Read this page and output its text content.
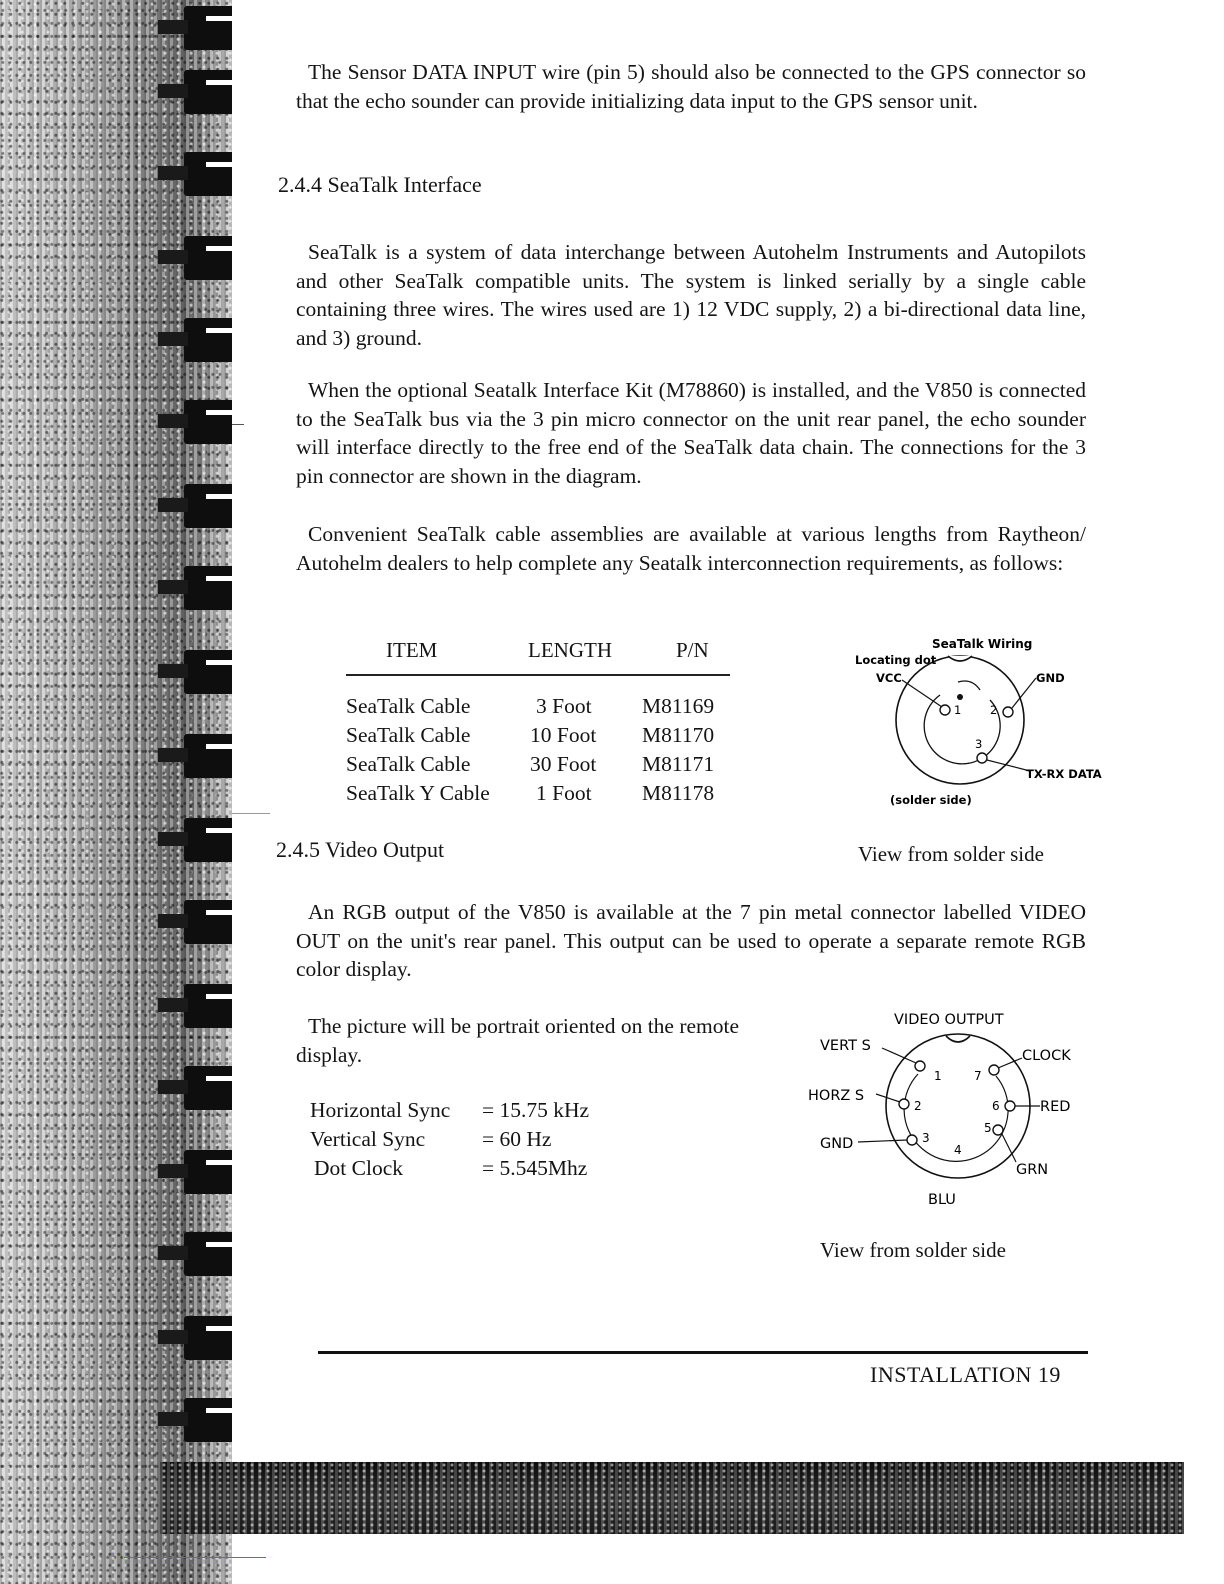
The Sensor DATA INPUT wire (pin 5) should also be connected to the GPS connector so that the echo sounder can provide initializing data input to the GPS sensor unit.
2.4.4 SeaTalk Interface
SeaTalk is a system of data interchange between Autohelm Instruments and Autopilots and other SeaTalk compatible units. The system is linked serially by a single cable containing three wires. The wires used are 1) 12 VDC supply, 2) a bi-directional data line, and 3) ground.
When the optional Seatalk Interface Kit (M78860) is installed, and the V850 is connected to the SeaTalk bus via the 3 pin micro connector on the unit rear panel, the echo sounder will interface directly to the free end of the SeaTalk data chain. The connections for the 3 pin connector are shown in the diagram.
Convenient SeaTalk cable assemblies are available at various lengths from Raytheon/ Autohelm dealers to help complete any Seatalk interconnection requirements, as follows:
ITEM	LENGTH	P/N
SeaTalk Cable	3 Foot M81169
SeaTalk Cable	10 Foot M81170
SeaTalk Cable	30 Foot M81171
SeaTalk Y Cable 1 Foot M81178
SeaTalk Wiring
Locating dot
VCC	GND
TX-RX DATA
1 2
3
(solder side)
View from solder side
2.4.5 Video Output
An RGB output of the V850 is available at the 7 pin metal connector labelled VIDEO OUT on the unit's rear panel. This output can be used to operate a separate remote RGB color display.
The picture will be portrait oriented on the remote display.
Horizontal Sync = 15.75 kHz
Vertical Sync	= 60 Hz
Dot Clock	= 5.545Mhz
VIDEO OUTPUT
VERT S
HORZ S
GND
CLOCK
RED
GRN
BLU
1
2
3
4
5
6
7
View from solder side
INSTALLATION 19
